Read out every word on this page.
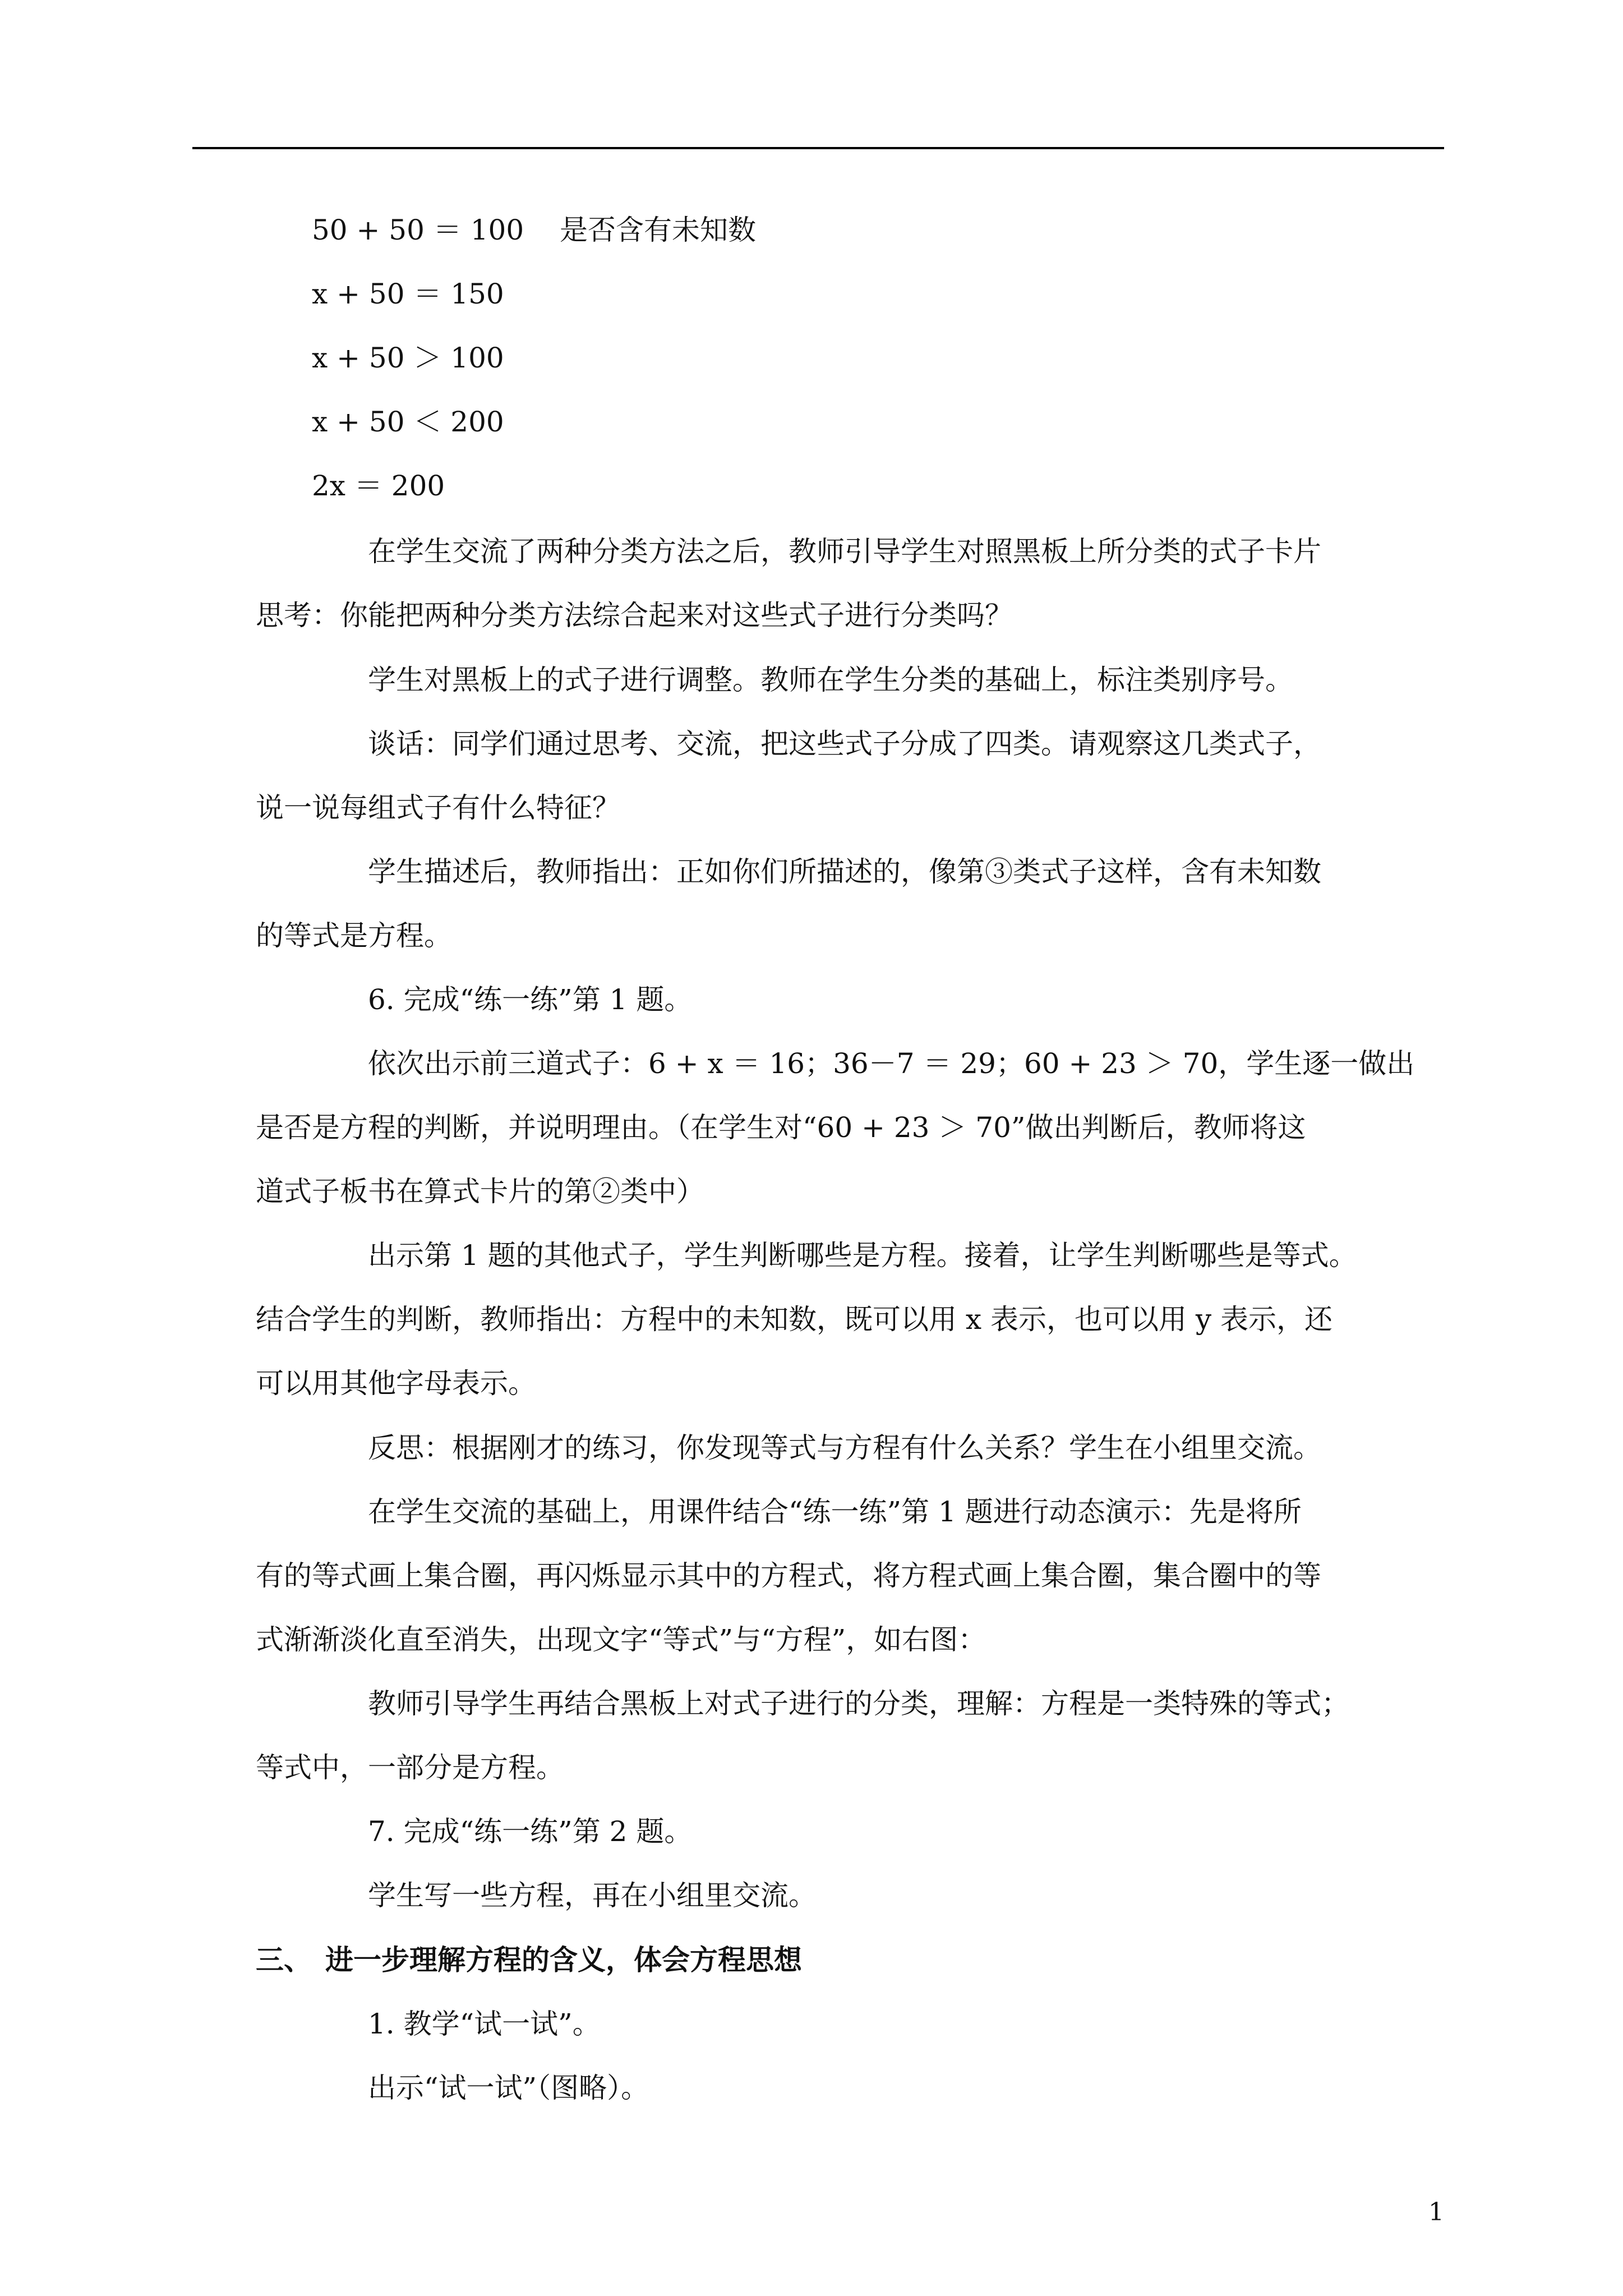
50 + 50 ＝ 100 是否含有未知数
x + 50 ＝ 150
x + 50 ＞ 100
x + 50 ＜ 200
2x ＝ 200
在学生交流了两种分类方法之后，教师引导学生对照黑板上所分类的式子卡片
思考：你能把两种分类方法综合起来对这些式子进行分类吗？
学生对黑板上的式子进行调整。教师在学生分类的基础上，标注类别序号。
谈话：同学们通过思考、交流，把这些式子分成了四类。请观察这几类式子，
说一说每组式子有什么特征？
学生描述后，教师指出：正如你们所描述的，像第③类式子这样，含有未知数
的等式是方程。
6. 完成“练一练”第 1 题。
依次出示前三道式子：6 + x ＝ 16；36－7 ＝ 29；60 + 23 ＞ 70，学生逐一做出
是否是方程的判断，并说明理由。（在学生对“60 + 23 ＞ 70”做出判断后，教师将这
道式子板书在算式卡片的第②类中）
出示第 1 题的其他式子，学生判断哪些是方程。接着，让学生判断哪些是等式。
结合学生的判断，教师指出：方程中的未知数，既可以用 x 表示，也可以用 y 表示，还
可以用其他字母表示。
反思：根据刚才的练习，你发现等式与方程有什么关系？学生在小组里交流。
在学生交流的基础上，用课件结合“练一练”第 1 题进行动态演示：先是将所
有的等式画上集合圈，再闪烁显示其中的方程式，将方程式画上集合圈，集合圈中的等
式渐渐淡化直至消失，出现文字“等式”与“方程”，如右图：
教师引导学生再结合黑板上对式子进行的分类，理解：方程是一类特殊的等式；
等式中，一部分是方程。
7. 完成“练一练”第 2 题。
学生写一些方程，再在小组里交流。
三、 进一步理解方程的含义，体会方程思想
1. 教学“试一试”。
出示“试一试”（图略）。
1
